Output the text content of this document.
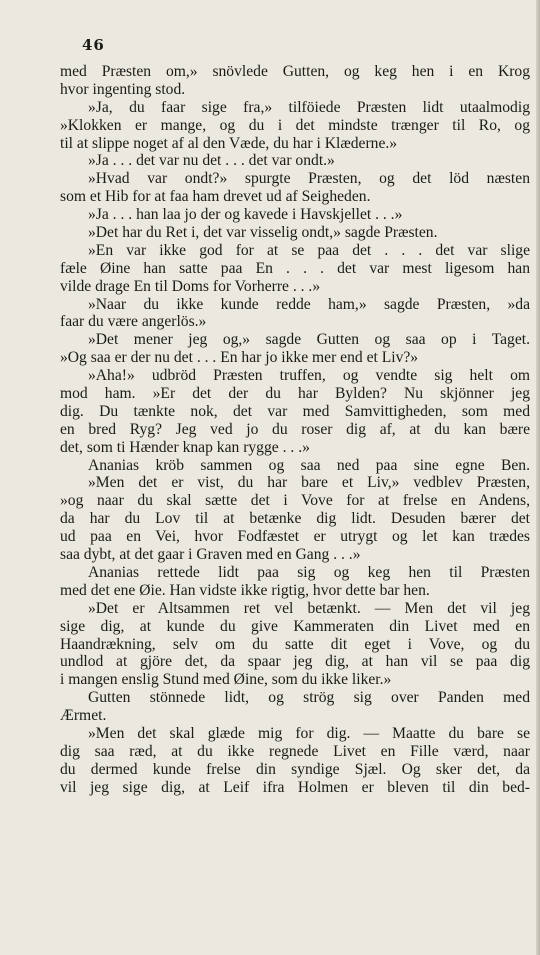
46
med Præsten om,» snövlede Gutten, og keg hen i en Krog
hvor ingenting stod.
»Ja, du faar sige fra,» tilföiede Præsten lidt utaalmodig
»Klokken er mange, og du i det mindste trænger til Ro, og
til at slippe noget af al den Væde, du har i Klæderne.»
»Ja . . . det var nu det . . . det var ondt.»
»Hvad var ondt?» spurgte Præsten, og det löd næsten
som et Hib for at faa ham drevet ud af Seigheden.
»Ja . . . han laa jo der og kavede i Havskjellet . . .»
»Det har du Ret i, det var visselig ondt,» sagde Præsten.
»En var ikke god for at se paa det . . . det var slige
fæle Øine han satte paa En . . . det var mest ligesom han
vilde drage En til Doms for Vorherre . . .»
»Naar du ikke kunde redde ham,» sagde Præsten, »da
faar du være angerlös.»
»Det mener jeg og,» sagde Gutten og saa op i Taget.
»Og saa er der nu det . . . En har jo ikke mer end et Liv?»
»Aha!» udbröd Præsten truffen, og vendte sig helt om
mod ham. »Er det der du har Bylden? Nu skjönner jeg
dig. Du tænkte nok, det var med Samvittigheden, som med
en bred Ryg? Jeg ved jo du roser dig af, at du kan bære
det, som ti Hænder knap kan rygge . . .»
Ananias kröb sammen og saa ned paa sine egne Ben.
»Men det er vist, du har bare et Liv,» vedblev Præsten,
»og naar du skal sætte det i Vove for at frelse en Andens,
da har du Lov til at betænke dig lidt. Desuden bærer det
ud paa en Vei, hvor Fodfæstet er utrygt og let kan trædes
saa dybt, at det gaar i Graven med en Gang . . .»
Ananias rettede lidt paa sig og keg hen til Præsten
med det ene Øie. Han vidste ikke rigtig, hvor dette bar hen.
»Det er Altsammen ret vel betænkt. — Men det vil jeg
sige dig, at kunde du give Kammeraten din Livet med en
Haandrækning, selv om du satte dit eget i Vove, og du
undlod at gjöre det, da spaar jeg dig, at han vil se paa dig
i mangen enslig Stund med Øine, som du ikke liker.»
Gutten stönnede lidt, og strög sig over Panden med
Ærmet.
»Men det skal glæde mig for dig. — Maatte du bare se
dig saa ræd, at du ikke regnede Livet en Fille værd, naar
du dermed kunde frelse din syndige Sjæl. Og sker det, da
vil jeg sige dig, at Leif ifra Holmen er bleven til din bed-
